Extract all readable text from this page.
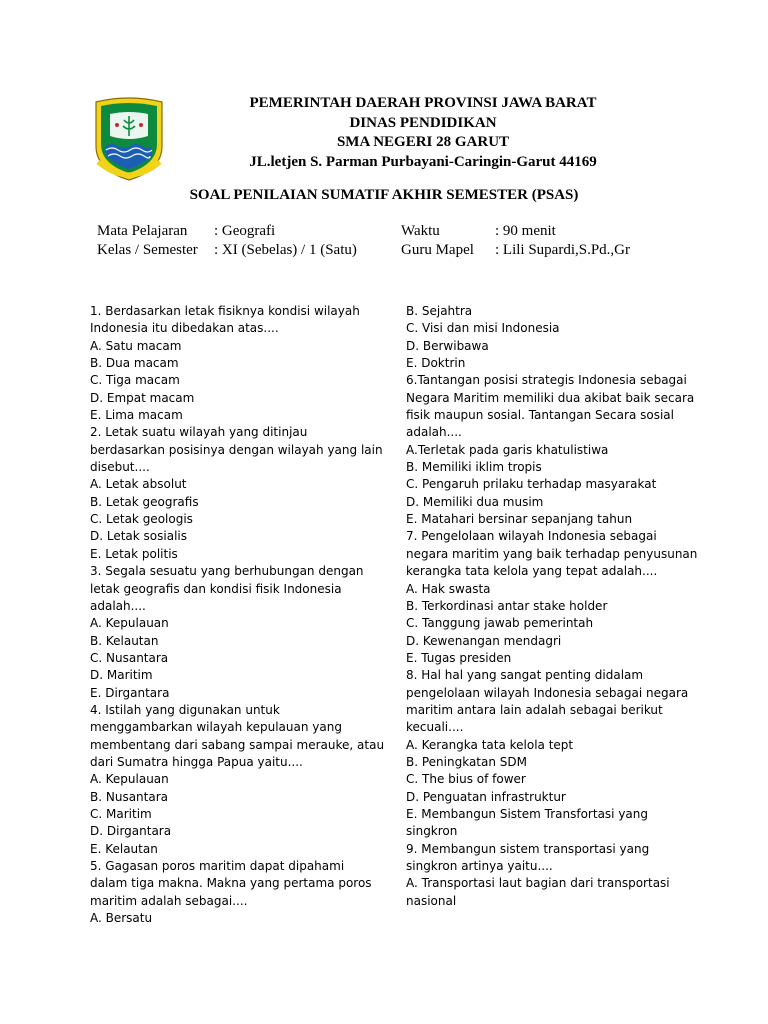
PEMERINTAH DAERAH PROVINSI JAWA BARAT
DINAS PENDIDIKAN
SMA NEGERI 28 GARUT
JL.letjen S. Parman Purbayani-Caringin-Garut 44169
SOAL PENILAIAN SUMATIF AKHIR SEMESTER (PSAS)
Mata Pelajaran : Geografi
Kelas / Semester : XI (Sebelas) / 1 (Satu)
Waktu	: 90 menit
Guru Mapel : Lili Supardi,S.Pd.,Gr
1. Berdasarkan letak fisiknya kondisi wilayah
Indonesia itu dibedakan atas....
A. Satu macam
B. Dua macam
C. Tiga macam
D. Empat macam
E. Lima macam
2. Letak suatu wilayah yang ditinjau
berdasarkan posisinya dengan wilayah yang lain
disebut....
A. Letak absolut
B. Letak geografis
C. Letak geologis
D. Letak sosialis
E. Letak politis
3. Segala sesuatu yang berhubungan dengan
letak geografis dan kondisi fisik Indonesia
adalah....
A. Kepulauan
B. Kelautan
C. Nusantara
D. Maritim
E. Dirgantara
4. Istilah yang digunakan untuk
menggambarkan wilayah kepulauan yang
membentang dari sabang sampai merauke, atau
dari Sumatra hingga Papua yaitu....
A. Kepulauan
B. Nusantara
C. Maritim
D. Dirgantara
E. Kelautan
5. Gagasan poros maritim dapat dipahami
dalam tiga makna. Makna yang pertama poros
maritim adalah sebagai....
A. Bersatu
B. Sejahtra
C. Visi dan misi Indonesia
D. Berwibawa
E. Doktrin
6.Tantangan posisi strategis Indonesia sebagai
Negara Maritim memiliki dua akibat baik secara
fisik maupun sosial. Tantangan Secara sosial
adalah....
A.Terletak pada garis khatulistiwa
B. Memiliki iklim tropis
C. Pengaruh prilaku terhadap masyarakat
D. Memiliki dua musim
E. Matahari bersinar sepanjang tahun
7. Pengelolaan wilayah Indonesia sebagai
negara maritim yang baik terhadap penyusunan
kerangka tata kelola yang tepat adalah....
A. Hak swasta
B. Terkordinasi antar stake holder
C. Tanggung jawab pemerintah
D. Kewenangan mendagri
E. Tugas presiden
8. Hal hal yang sangat penting didalam
pengelolaan wilayah Indonesia sebagai negara
maritim antara lain adalah sebagai berikut
kecuali....
A. Kerangka tata kelola tept
B. Peningkatan SDM
C. The bius of fower
D. Penguatan infrastruktur
E. Membangun Sistem Transfortasi yang
singkron
9. Membangun sistem transportasi yang
singkron artinya yaitu....
A. Transportasi laut bagian dari transportasi
nasional
